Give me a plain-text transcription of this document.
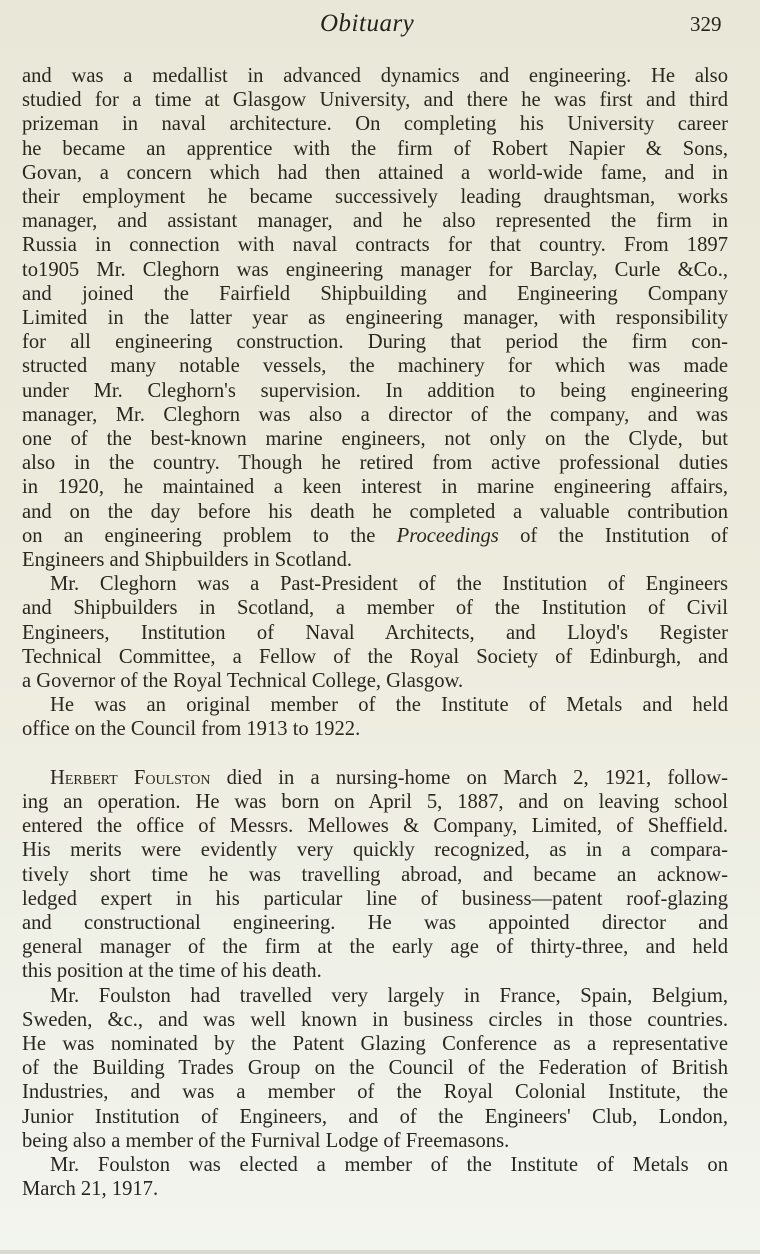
Obituary	329
and was a medallist in advanced dynamics and engineering. He also
studied for a time at Glasgow University, and there he was first and third
prizeman in naval architecture. On completing his University career
he became an apprentice with the firm of Robert Napier & Sons,
Govan, a concern which had then attained a world-wide fame, and in
their employment he became successively leading draughtsman, works
manager, and assistant manager, and he also represented the firm in
Russia in connection with naval contracts for that country. From 1897
to1905 Mr. Cleghorn was engineering manager for Barclay, Curle &Co.,
and joined the Fairfield Shipbuilding and Engineering Company
Limited in the latter year as engineering manager, with responsibility
for all engineering construction. During that period the firm con-
structed many notable vessels, the machinery for which was made
under Mr. Cleghorn's supervision. In addition to being engineering
manager, Mr. Cleghorn was also a director of the company, and was
one of the best-known marine engineers, not only on the Clyde, but
also in the country. Though he retired from active professional duties
in 1920, he maintained a keen interest in marine engineering affairs,
and on the day before his death he completed a valuable contribution
on an engineering problem to the Proceedings of the Institution of
Engineers and Shipbuilders in Scotland.
Mr. Cleghorn was a Past-President of the Institution of Engineers
and Shipbuilders in Scotland, a member of the Institution of Civil
Engineers, Institution of Naval Architects, and Lloyd's Register
Technical Committee, a Fellow of the Royal Society of Edinburgh, and
a Governor of the Royal Technical College, Glasgow.
He was an original member of the Institute of Metals and held
office on the Council from 1913 to 1922.
Herbert Foulston died in a nursing-home on March 2, 1921, follow-
ing an operation. He was born on April 5, 1887, and on leaving school
entered the office of Messrs. Mellowes & Company, Limited, of Sheffield.
His merits were evidently very quickly recognized, as in a compara-
tively short time he was travelling abroad, and became an acknow-
ledged expert in his particular line of business—patent roof-glazing
and constructional engineering. He was appointed director and
general manager of the firm at the early age of thirty-three, and held
this position at the time of his death.
Mr. Foulston had travelled very largely in France, Spain, Belgium,
Sweden, &c., and was well known in business circles in those countries.
He was nominated by the Patent Glazing Conference as a representative
of the Building Trades Group on the Council of the Federation of British
Industries, and was a member of the Royal Colonial Institute, the
Junior Institution of Engineers, and of the Engineers' Club, London,
being also a member of the Furnival Lodge of Freemasons.
Mr. Foulston was elected a member of the Institute of Metals on
March 21, 1917.
